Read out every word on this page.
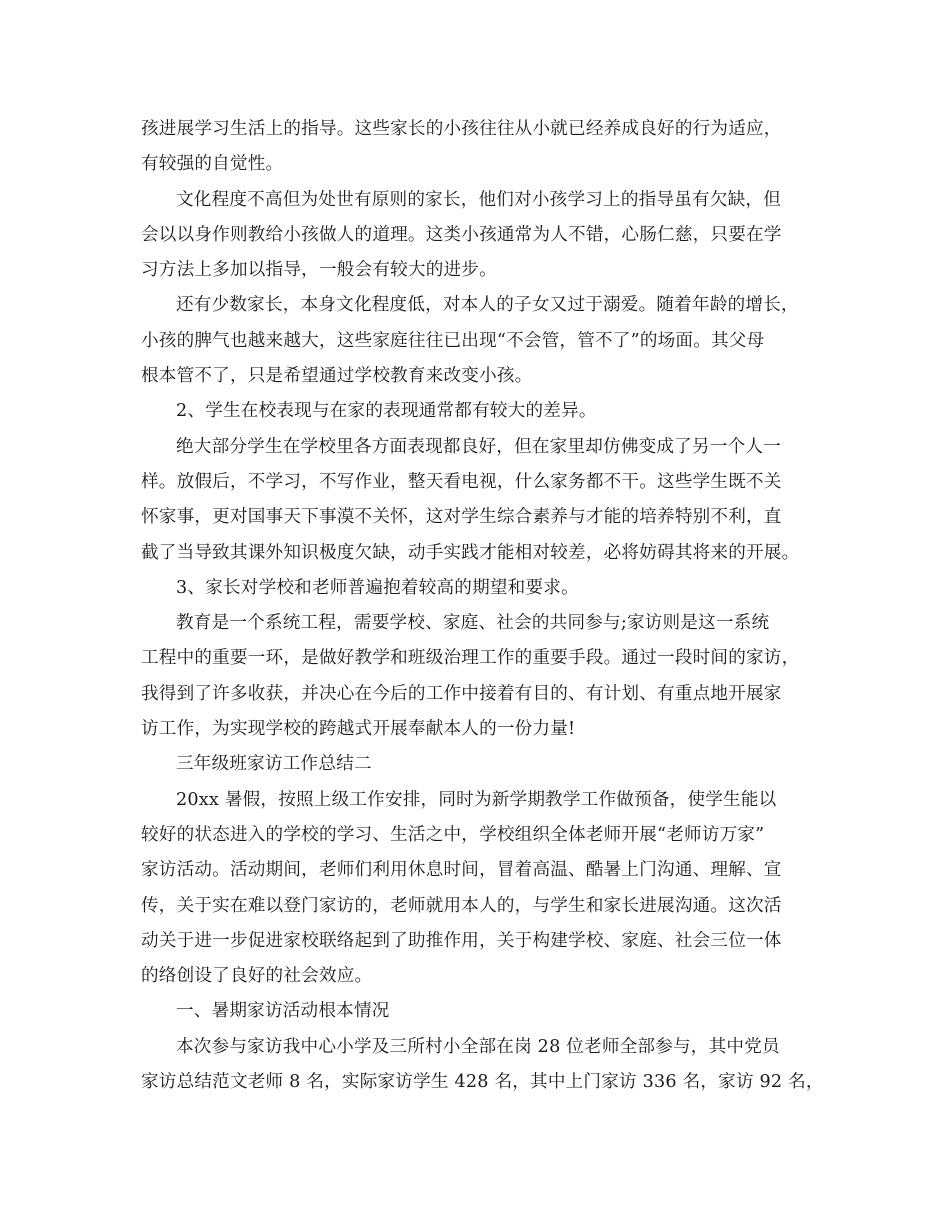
孩进展学习生活上的指导。这些家长的小孩往往从小就已经养成良好的行为适应，
有较强的自觉性。
文化程度不高但为处世有原则的家长，他们对小孩学习上的指导虽有欠缺，但
会以以身作则教给小孩做人的道理。这类小孩通常为人不错，心肠仁慈，只要在学
习方法上多加以指导，一般会有较大的进步。
还有少数家长，本身文化程度低，对本人的子女又过于溺爱。随着年龄的增长，
小孩的脾气也越来越大，这些家庭往往已出现“不会管，管不了”的场面。其父母
根本管不了，只是希望通过学校教育来改变小孩。
2、学生在校表现与在家的表现通常都有较大的差异。
绝大部分学生在学校里各方面表现都良好，但在家里却仿佛变成了另一个人一
样。放假后，不学习，不写作业，整天看电视，什么家务都不干。这些学生既不关
怀家事，更对国事天下事漠不关怀，这对学生综合素养与才能的培养特别不利，直
截了当导致其课外知识极度欠缺，动手实践才能相对较差，必将妨碍其将来的开展。
3、家长对学校和老师普遍抱着较高的期望和要求。
教育是一个系统工程，需要学校、家庭、社会的共同参与;家访则是这一系统
工程中的重要一环，是做好教学和班级治理工作的重要手段。通过一段时间的家访，
我得到了许多收获，并决心在今后的工作中接着有目的、有计划、有重点地开展家
访工作，为实现学校的跨越式开展奉献本人的一份力量!
三年级班家访工作总结二
20xx 暑假，按照上级工作安排，同时为新学期教学工作做预备，使学生能以
较好的状态进入的学校的学习、生活之中，学校组织全体老师开展“老师访万家”
家访活动。活动期间，老师们利用休息时间，冒着高温、酷暑上门沟通、理解、宣
传，关于实在难以登门家访的，老师就用本人的，与学生和家长进展沟通。这次活
动关于进一步促进家校联络起到了助推作用，关于构建学校、家庭、社会三位一体
的络创设了良好的社会效应。
一、暑期家访活动根本情况
本次参与家访我中心小学及三所村小全部在岗 28 位老师全部参与，其中党员
家访总结范文老师 8 名，实际家访学生 428 名，其中上门家访 336 名，家访 92 名，
